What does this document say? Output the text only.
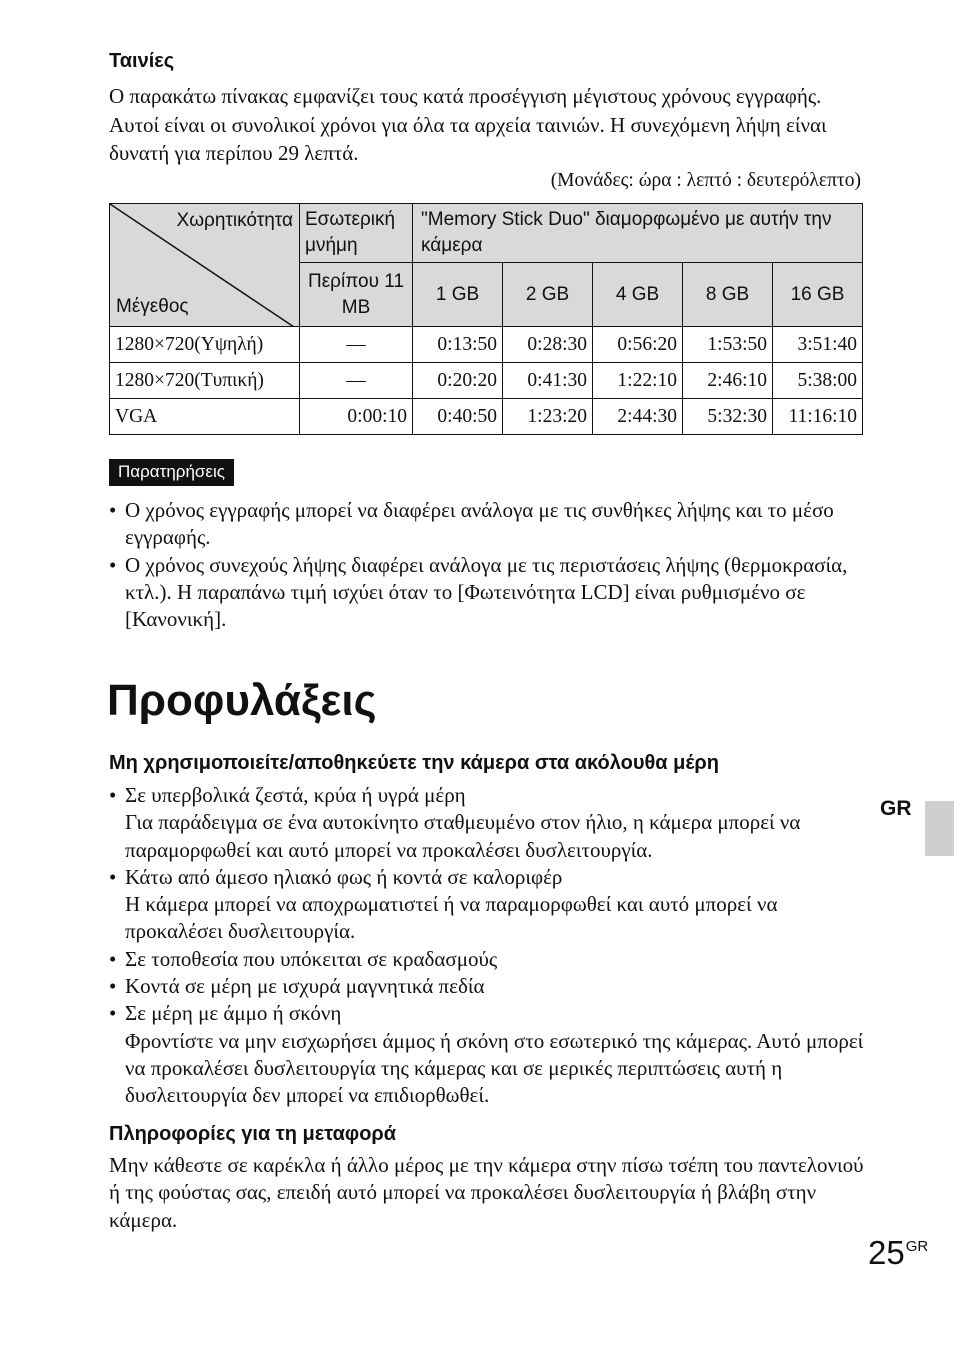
Ταινίες
Ο παρακάτω πίνακας εμφανίζει τους κατά προσέγγιση μέγιστους χρόνους εγγραφής. Αυτοί είναι οι συνολικοί χρόνοι για όλα τα αρχεία ταινιών. Η συνεχόμενη λήψη είναι δυνατή για περίπου 29 λεπτά.
(Μονάδες: ώρα : λεπτό : δευτερόλεπτο)
Χωρητικότητα
Μέγεθος	Εσωτερική μνήμη	"Memory Stick Duo" διαμορφωμένο με αυτήν την κάμερα				
	Περίπου 11 MB	1 GB	2 GB	4 GB	8 GB	16 GB
1280×720(Υψηλή)	—	0:13:50	0:28:30	0:56:20	1:53:50	3:51:40
1280×720(Τυπική)	—	0:20:20	0:41:30	1:22:10	2:46:10	5:38:00
VGA	0:00:10	0:40:50	1:23:20	2:44:30	5:32:30	11:16:10
Παρατηρήσεις
• Ο χρόνος εγγραφής μπορεί να διαφέρει ανάλογα με τις συνθήκες λήψης και το μέσο εγγραφής.
• Ο χρόνος συνεχούς λήψης διαφέρει ανάλογα με τις περιστάσεις λήψης (θερμοκρασία, κτλ.). Η παραπάνω τιμή ισχύει όταν το [Φωτεινότητα LCD] είναι ρυθμισμένο σε [Κανονική].
Προφυλάξεις
Μη χρησιμοποιείτε/αποθηκεύετε την κάμερα στα ακόλουθα μέρη
• Σε υπερβολικά ζεστά, κρύα ή υγρά μέρη
Για παράδειγμα σε ένα αυτοκίνητο σταθμευμένο στον ήλιο, η κάμερα μπορεί να παραμορφωθεί και αυτό μπορεί να προκαλέσει δυσλειτουργία.
• Κάτω από άμεσο ηλιακό φως ή κοντά σε καλοριφέρ
Η κάμερα μπορεί να αποχρωματιστεί ή να παραμορφωθεί και αυτό μπορεί να προκαλέσει δυσλειτουργία.
• Σε τοποθεσία που υπόκειται σε κραδασμούς
• Κοντά σε μέρη με ισχυρά μαγνητικά πεδία
• Σε μέρη με άμμο ή σκόνη
Φροντίστε να μην εισχωρήσει άμμος ή σκόνη στο εσωτερικό της κάμερας. Αυτό μπορεί να προκαλέσει δυσλειτουργία της κάμερας και σε μερικές περιπτώσεις αυτή η δυσλειτουργία δεν μπορεί να επιδιορθωθεί.
Πληροφορίες για τη μεταφορά
Μην κάθεστε σε καρέκλα ή άλλο μέρος με την κάμερα στην πίσω τσέπη του παντελονιού ή της φούστας σας, επειδή αυτό μπορεί να προκαλέσει δυσλειτουργία ή βλάβη στην κάμερα.
GR
$25^{GR}$
